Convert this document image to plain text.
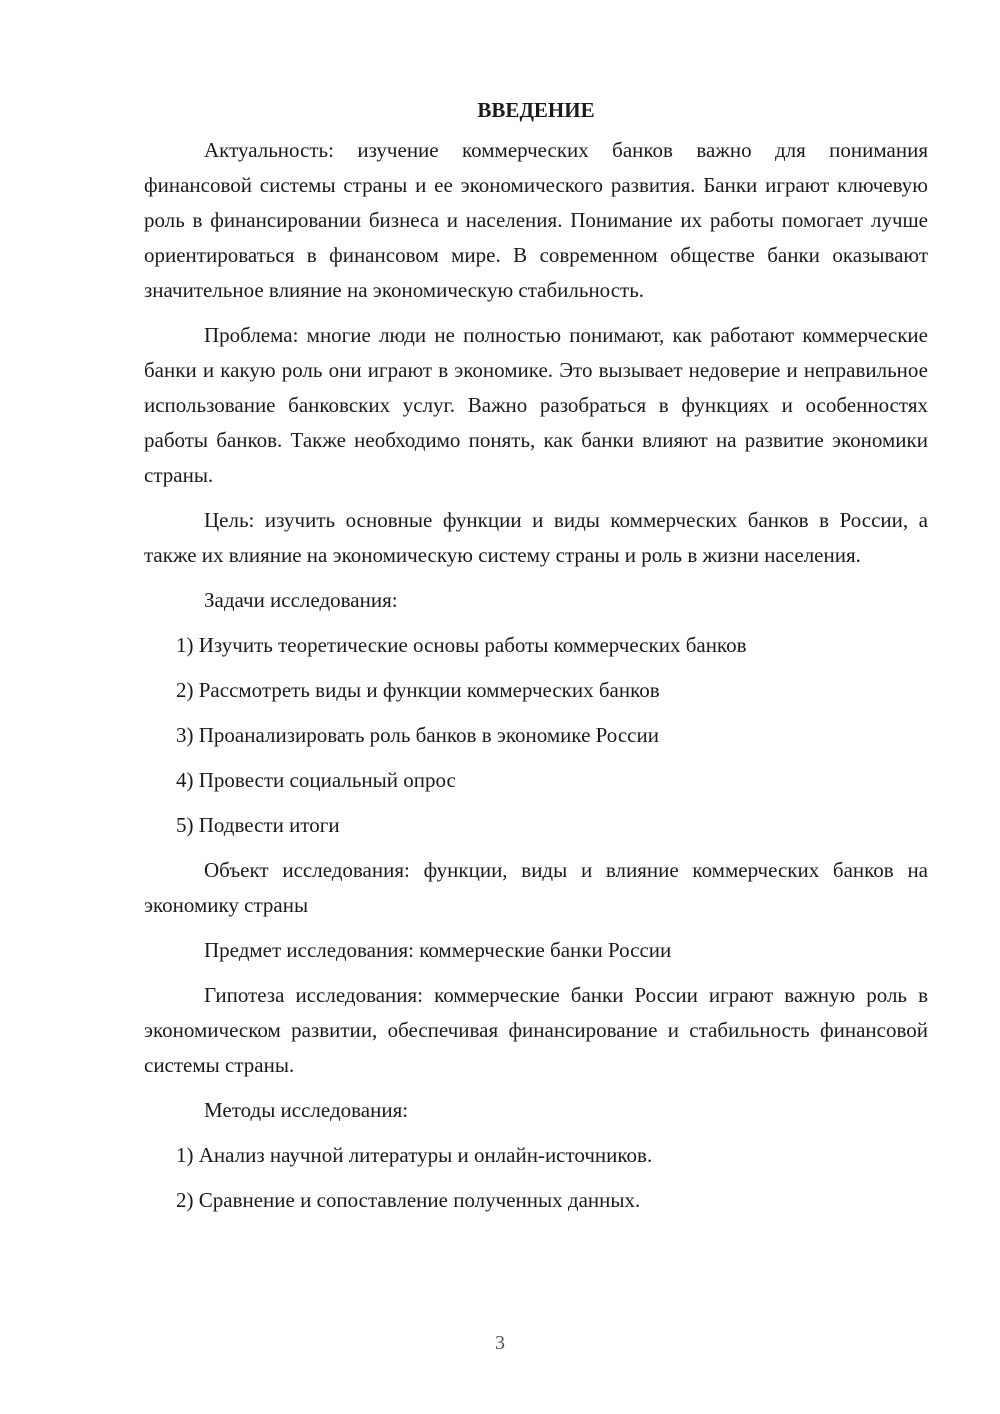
ВВЕДЕНИЕ

Актуальность: изучение коммерческих банков важно для понимания финансовой системы страны и ее экономического развития. Банки играют ключевую роль в финансировании бизнеса и населения. Понимание их работы помогает лучше ориентироваться в финансовом мире. В современном обществе банки оказывают значительное влияние на экономическую стабильность.

Проблема: многие люди не полностью понимают, как работают коммерческие банки и какую роль они играют в экономике. Это вызывает недоверие и неправильное использование банковских услуг. Важно разобраться в функциях и особенностях работы банков. Также необходимо понять, как банки влияют на развитие экономики страны.

Цель: изучить основные функции и виды коммерческих банков в России, а также их влияние на экономическую систему страны и роль в жизни населения.

Задачи исследования:

1) Изучить теоретические основы работы коммерческих банков
2) Рассмотреть виды и функции коммерческих банков
3) Проанализировать роль банков в экономике России
4) Провести социальный опрос
5) Подвести итоги

Объект исследования: функции, виды и влияние коммерческих банков на экономику страны

Предмет исследования: коммерческие банки России

Гипотеза исследования: коммерческие банки России играют важную роль в экономическом развитии, обеспечивая финансирование и стабильность финансовой системы страны.

Методы исследования:

1) Анализ научной литературы и онлайн-источников.
2) Сравнение и сопоставление полученных данных.
3
